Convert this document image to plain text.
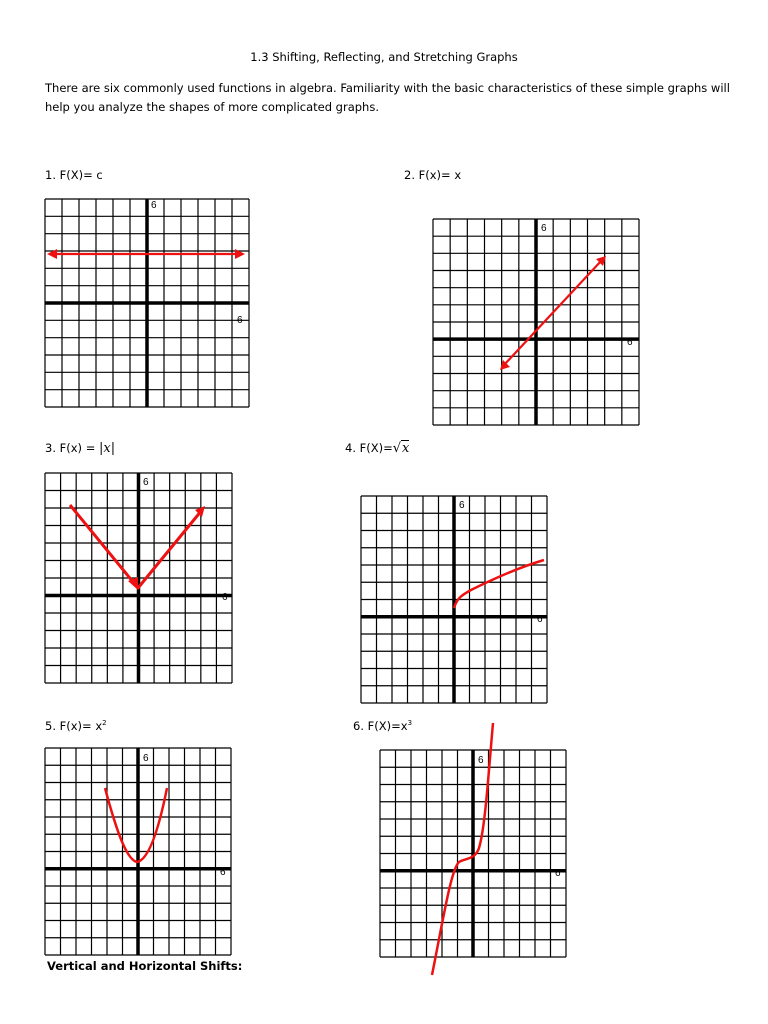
1.3 Shifting, Reflecting, and Stretching Graphs

There are six commonly used functions in algebra. Familiarity with the basic characteristics of these simple graphs will

help you analyze the shapes of more complicated graphs.

1. F(X)= c	2. F(x)= x

3. F(x) = |x|	4. F(X)=√x

5. $F(x)= x^2$	6. $F(X)=x^3$

6
6
6
6
6
6
6
6
6
6
6
6

Vertical and Horizontal Shifts:
